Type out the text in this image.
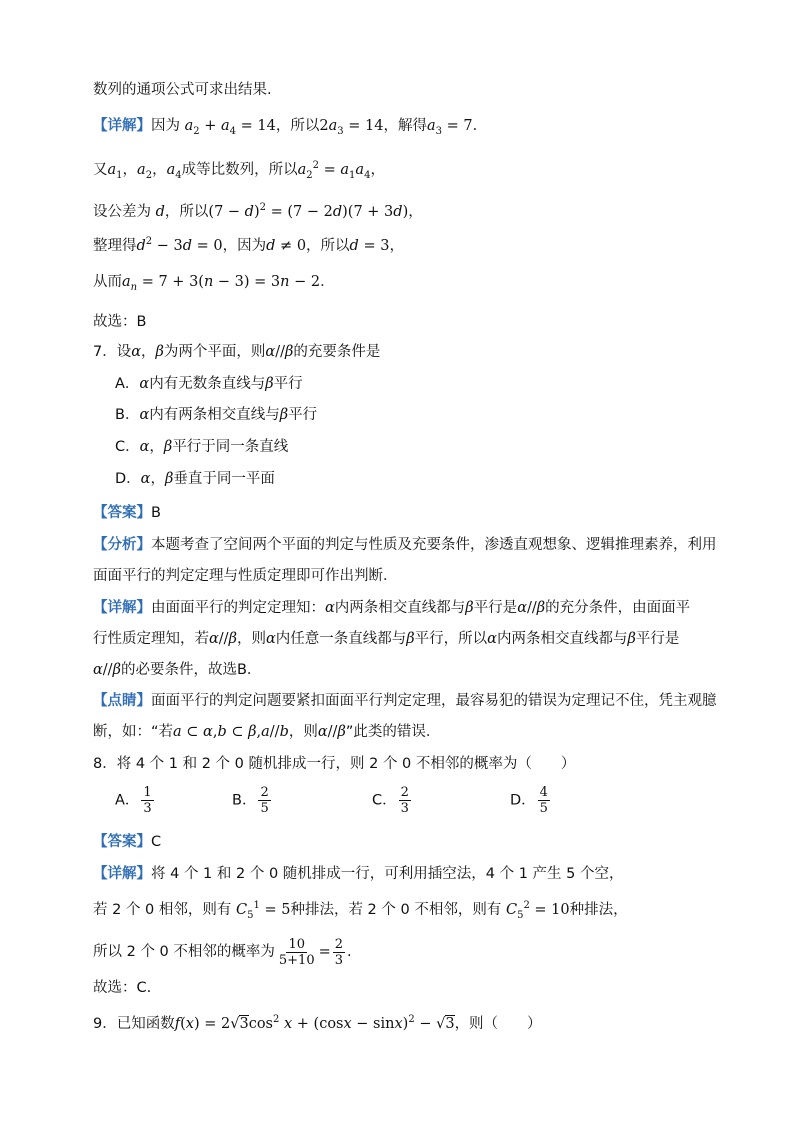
数列的通项公式可求出结果.
【详解】因为 $a_2 + a_4 = 14$，所以$2a_3 = 14$，解得$a_3 = 7$．
又$a_1$，$a_2$，$a_4$成等比数列，所以$a_2^2 = a_1a_4$，
设公差为 d，所以$(7 - d)^2 = (7 - 2d)(7 + 3d)$，
整理得$d^2 - 3d = 0$，因为d ≠ 0，所以d = 3，
从而$a_n = 7 + 3(n - 3) = 3n - 2$．
故选：B
7．设α，β为两个平面，则α//β的充要条件是
A．α内有无数条直线与β平行
B．α内有两条相交直线与β平行
C．α，β平行于同一条直线
D．α，β垂直于同一平面
【答案】B
【分析】本题考查了空间两个平面的判定与性质及充要条件，渗透直观想象、逻辑推理素养，利用
面面平行的判定定理与性质定理即可作出判断．
【详解】由面面平行的判定定理知：α内两条相交直线都与β平行是α//β的充分条件，由面面平
行性质定理知，若α//β，则α内任意一条直线都与β平行，所以α内两条相交直线都与β平行是
α//β的必要条件，故选B．
【点睛】面面平行的判定问题要紧扣面面平行判定定理，最容易犯的错误为定理记不住，凭主观臆
断，如：“若a ⊂ α,b ⊂ β,a//b，则α//β”此类的错误．
8．将 4 个 1 和 2 个 0 随机排成一行，则 2 个 0 不相邻的概率为（　　）
A． $\frac{1}{3}$	B． $\frac{2}{5}$	C． $\frac{2}{3}$	D． $\frac{4}{5}$
【答案】C
【详解】将 4 个 1 和 2 个 0 随机排成一行，可利用插空法，4 个 1 产生 5 个空，
若 2 个 0 相邻，则有 $C_5^1 = 5$种排法，若 2 个 0 不相邻，则有 $C_5^2 = 10$种排法，
所以 2 个 0 不相邻的概率为 $\frac{10}{5+10} = \frac{2}{3}$ .
故选：C.
9．已知函数$f(x) = 2√3\cos^2$ $x + (\cos x - \sin x)^2 - √3$，则（　　）
